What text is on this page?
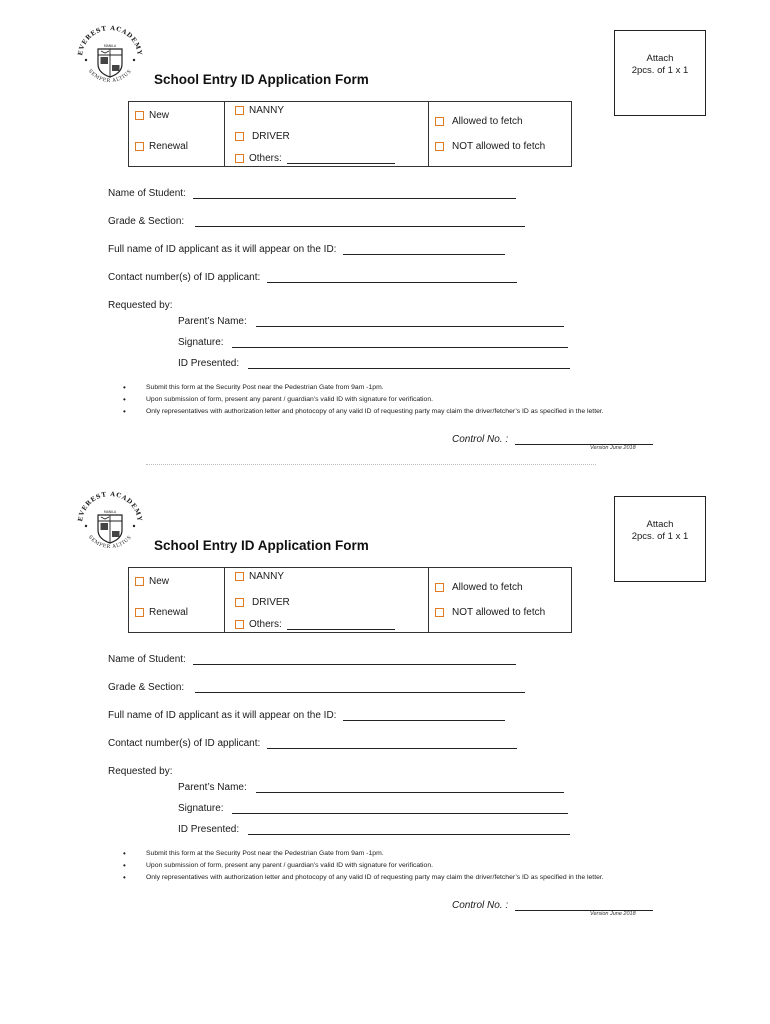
EVEREST ACADEMY
SEMPER ALTIUS
MANILA
Attach
2pcs. of 1 x 1
School Entry ID Application Form
New
Renewal
NANNY
DRIVER
Others:
Allowed to fetch
NOT allowed to fetch
Name of Student:
Grade & Section:
Full name of ID applicant as it will appear on the ID:
Contact number(s) of ID applicant:
Requested by:
Parent’s Name:
Signature:
ID Presented:
•	Submit this form at the Security Post near the Pedestrian Gate from 9am -1pm.
•	Upon submission of form, present any parent / guardian’s valid ID with signature for verification.
•	Only representatives with authorization letter and photocopy of any valid ID of requesting party may claim the driver/fetcher’s ID as specified in the letter.
Control No. :
Version June 2018
EVEREST ACADEMY
SEMPER ALTIUS
MANILA
Attach
2pcs. of 1 x 1
School Entry ID Application Form
New
Renewal
NANNY
DRIVER
Others:
Allowed to fetch
NOT allowed to fetch
Name of Student:
Grade & Section:
Full name of ID applicant as it will appear on the ID:
Contact number(s) of ID applicant:
Requested by:
Parent’s Name:
Signature:
ID Presented:
•	Submit this form at the Security Post near the Pedestrian Gate from 9am -1pm.
•	Upon submission of form, present any parent / guardian’s valid ID with signature for verification.
•	Only representatives with authorization letter and photocopy of any valid ID of requesting party may claim the driver/fetcher’s ID as specified in the letter.
Control No. :
Version June 2018
